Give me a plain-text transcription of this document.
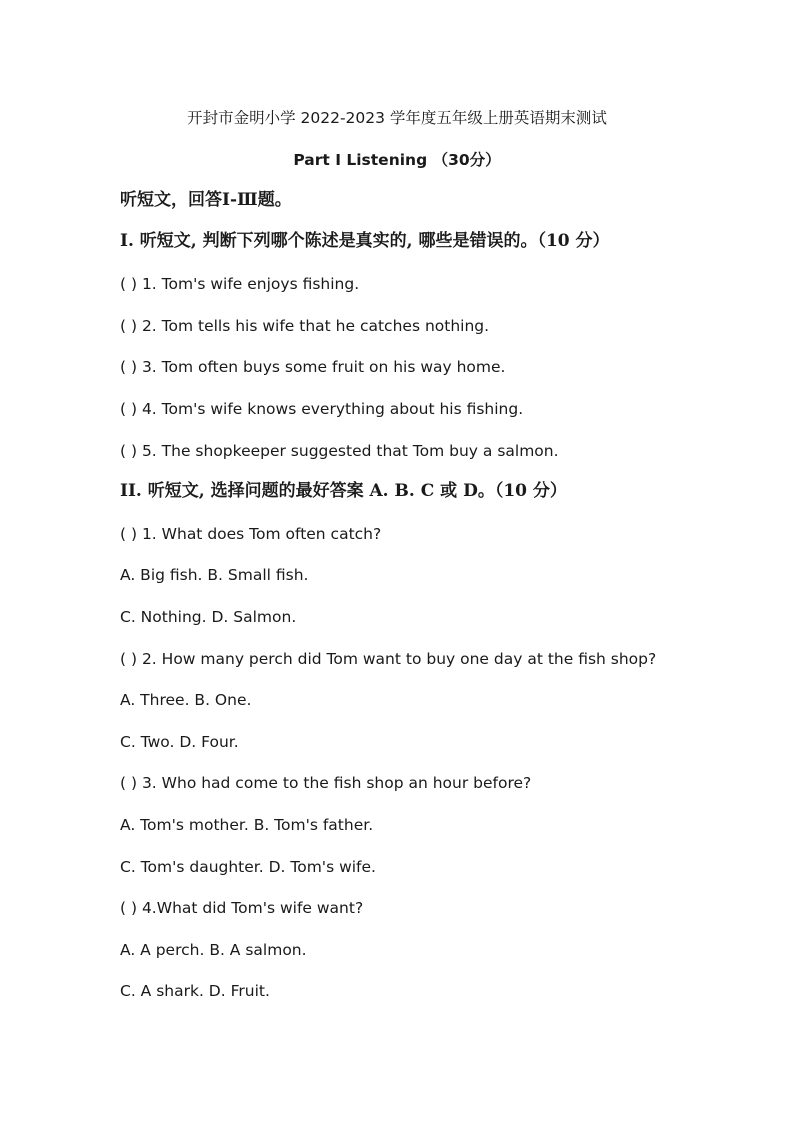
开封市金明小学 2022-2023 学年度五年级上册英语期末测试
Part Ⅰ Listening （30分）
听短文，回答Ⅰ-Ⅲ题。
I. 听短文, 判断下列哪个陈述是真实的, 哪些是错误的。（10 分）
( ) 1. Tom's wife enjoys fishing.
( ) 2. Tom tells his wife that he catches nothing.
( ) 3. Tom often buys some fruit on his way home.
( ) 4. Tom's wife knows everything about his fishing.
( ) 5. The shopkeeper suggested that Tom buy a salmon.
II. 听短文, 选择问题的最好答案 A. B. C 或 D。（10 分）
( ) 1. What does Tom often catch?
A. Big fish. B. Small fish.
C. Nothing. D. Salmon.
( ) 2. How many perch did Tom want to buy one day at the fish shop?
A. Three. B. One.
C. Two. D. Four.
( ) 3. Who had come to the fish shop an hour before?
A. Tom's mother. B. Tom's father.
C. Tom's daughter. D. Tom's wife.
( ) 4.What did Tom's wife want?
A. A perch. B. A salmon.
C. A shark. D. Fruit.
